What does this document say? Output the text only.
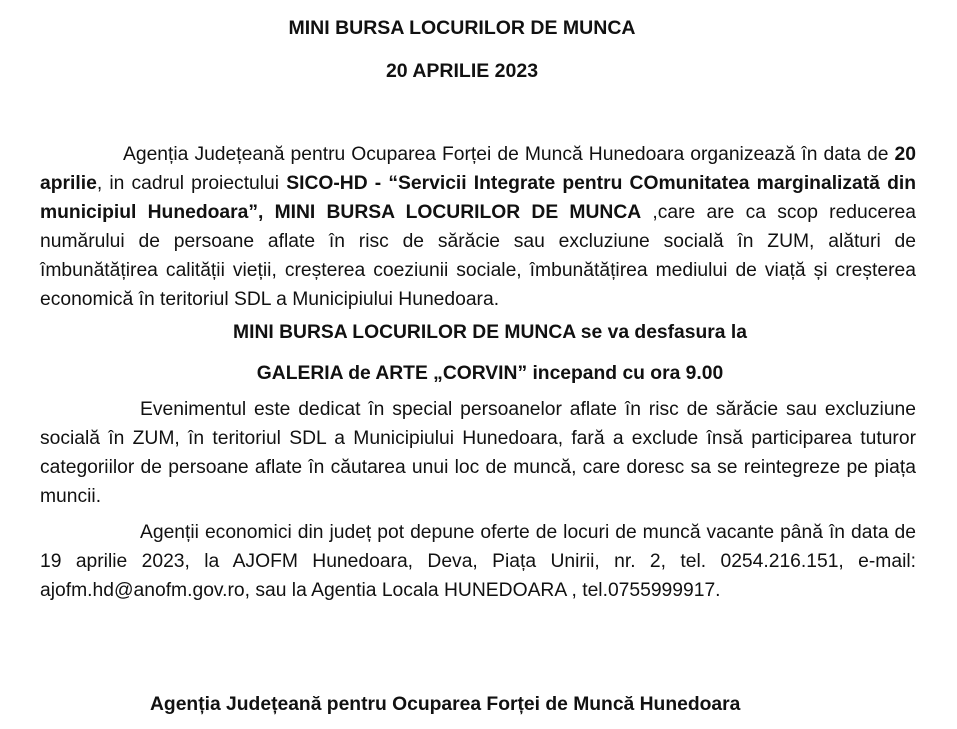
MINI BURSA LOCURILOR DE MUNCA
20 APRILIE 2023
Agenția Județeană pentru Ocuparea Forței de Muncă Hunedoara organizează în data de 20 aprilie, in cadrul proiectului SICO-HD - “Servicii Integrate pentru COmunitatea marginalizată din municipiul Hunedoara”, MINI BURSA LOCURILOR DE MUNCA ,care are ca scop reducerea numărului de persoane aflate în risc de sărăcie sau excluziune socială în ZUM, alături de îmbunătățirea calității vieții, creșterea coeziunii sociale, îmbunătățirea mediului de viață și creșterea economică în teritoriul SDL a Municipiului Hunedoara.
MINI BURSA LOCURILOR DE MUNCA se va desfasura la
GALERIA de ARTE „CORVIN” incepand cu ora 9.00
Evenimentul este dedicat în special persoanelor aflate în risc de sărăcie sau excluziune socială în ZUM, în teritoriul SDL a Municipiului Hunedoara, fară a exclude însă participarea tuturor categoriilor de persoane aflate în căutarea unui loc de muncă, care doresc sa se reintegreze pe piața muncii.
Agenții economici din județ pot depune oferte de locuri de muncă vacante până în data de 19 aprilie 2023, la AJOFM Hunedoara, Deva, Piața Unirii, nr. 2, tel. 0254.216.151, e-mail: ajofm.hd@anofm.gov.ro, sau la Agentia Locala HUNEDOARA , tel.0755999917.
Agenția Județeană pentru Ocuparea Forței de Muncă Hunedoara
